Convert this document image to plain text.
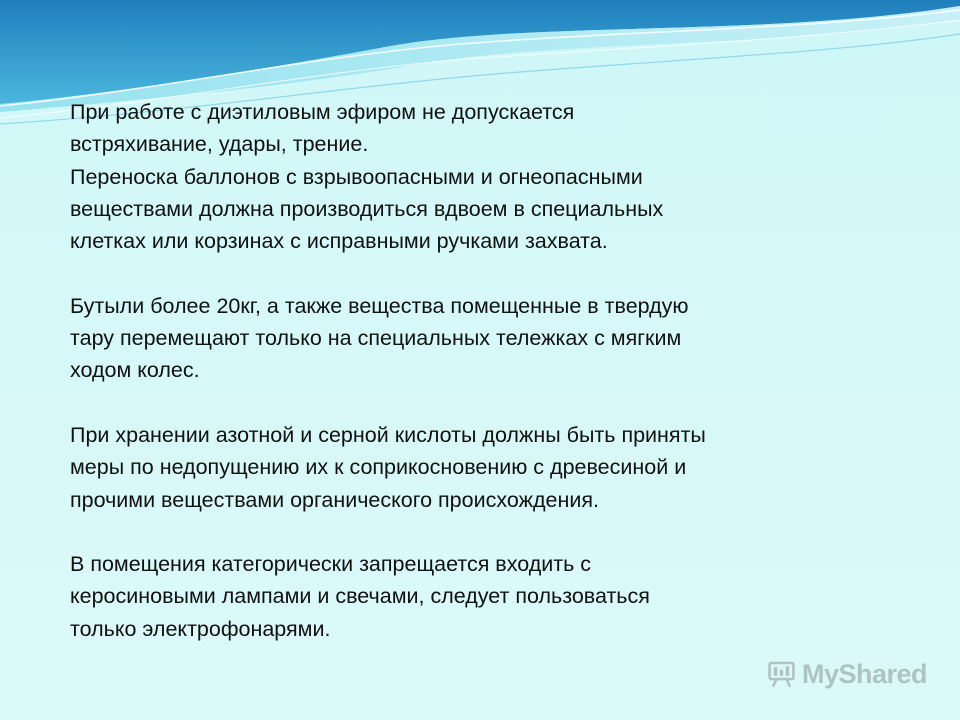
При работе с диэтиловым эфиром не допускается
встряхивание, удары, трение.

Переноска баллонов с взрывоопасными и огнеопасными
веществами должна производиться вдвоем в специальных
клетках или корзинах с исправными ручками захвата.

Бутыли более 20кг, а также вещества помещенные в твердую
тару перемещают только на специальных тележках с мягким
ходом колес.

При хранении азотной и серной кислоты должны быть приняты
меры по недопущению их к соприкосновению с древесиной и
прочими веществами органического происхождения.

В помещения категорически запрещается входить с
керосиновыми лампами и свечами, следует пользоваться
только электрофонарями.

MyShared
